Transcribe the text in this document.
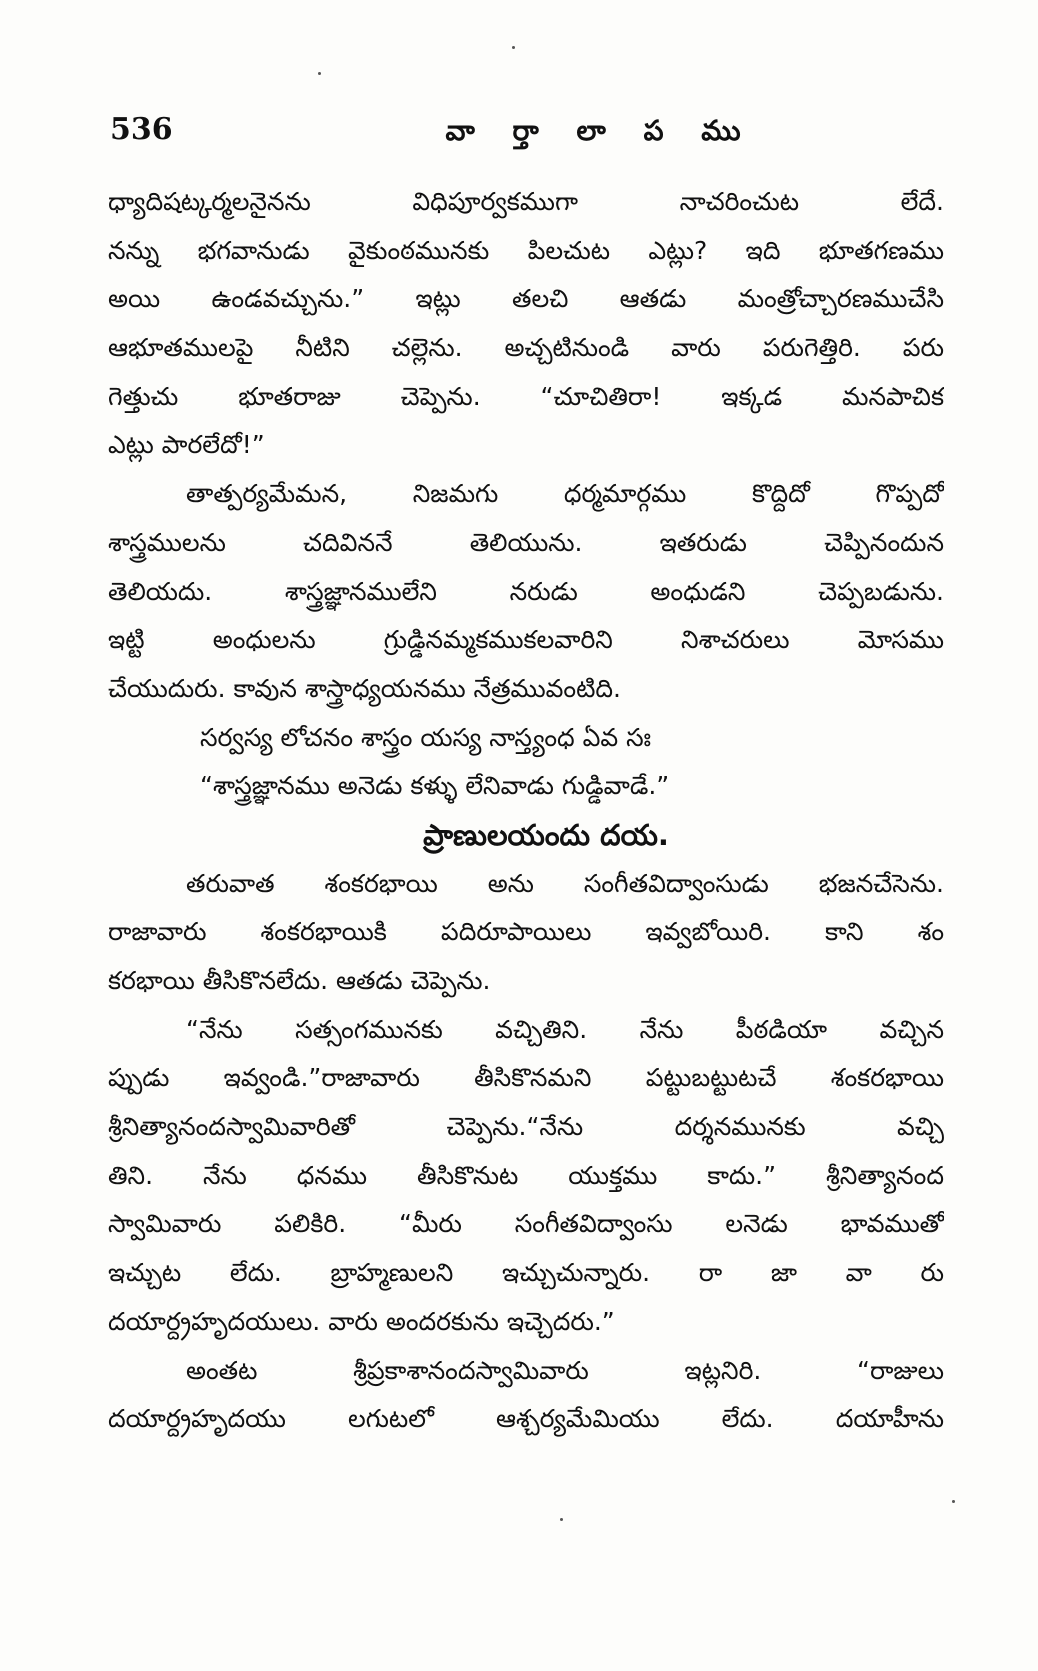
536	వా ర్తా లా ప ము
ధ్యాదిషట్కర్మలనైనను విధిపూర్వకముగా నాచరించుట లేదే.
నన్ను భగవానుడు వైకుంఠమునకు పిలచుట ఎట్లు? ఇది భూతగణము
అయి ఉండవచ్చును.” ఇట్లు తలచి ఆతడు మంత్రోచ్చారణముచేసి
ఆభూతములపై నీటిని చల్లెను. అచ్చటినుండి వారు పరుగెత్తిరి. పరు
గెత్తుచు భూతరాజు చెప్పెను. “చూచితిరా! ఇక్కడ మనపాచిక
ఎట్లు పారలేదో!”
తాత్పర్యమేమన, నిజమగు ధర్మమార్గము కొద్దిదో గొప్పదో
శాస్త్రములను చదివిననే తెలియును. ఇతరుడు చెప్పినందున
తెలియదు. శాస్త్రజ్ఞానములేని నరుడు అంధుడని చెప్పబడును.
ఇట్టి అంధులను గ్రుడ్డినమ్మకముకలవారిని నిశాచరులు మోసము
చేయుదురు. కావున శాస్త్రాధ్యయనము నేత్రమువంటిది.
సర్వస్య లోచనం శాస్త్రం యస్య నాస్త్యంధ ఏవ సః
“శాస్త్రజ్ఞానము అనెడు కళ్ళు లేనివాడు గుడ్డివాడే.”
ప్రాణులయందు దయ.
తరువాత శంకరభాయి అను సంగీతవిద్వాంసుడు భజనచేసెను.
రాజావారు శంకరభాయికి పదిరూపాయిలు ఇవ్వబోయిరి. కాని శం
కరభాయి తీసికొనలేదు. ఆతడు చెప్పెను.
“నేను సత్సంగమునకు వచ్చితిని. నేను పీఠడియా వచ్చిన
ప్పుడు ఇవ్వండి.”రాజావారు తీసికొనమని పట్టుబట్టుటచే శంకరభాయి
శ్రీనిత్యానందస్వామివారితో చెప్పెను.“నేను దర్శనమునకు వచ్చి
తిని. నేను ధనము తీసికొనుట యుక్తము కాదు.” శ్రీనిత్యానంద
స్వామివారు పలికిరి. “మీరు సంగీతవిద్వాంసు లనెడు భావముతో
ఇచ్చుట లేదు. బ్రాహ్మణులని ఇచ్చుచున్నారు. రా జా వా రు
దయార్ద్రహృదయులు. వారు అందరకును ఇచ్చెదరు.”
అంతట శ్రీప్రకాశానందస్వామివారు ఇట్లనిరి. “రాజులు
దయార్ద్రహృదయు లగుటలో ఆశ్చర్యమేమియు లేదు. దయాహీను
